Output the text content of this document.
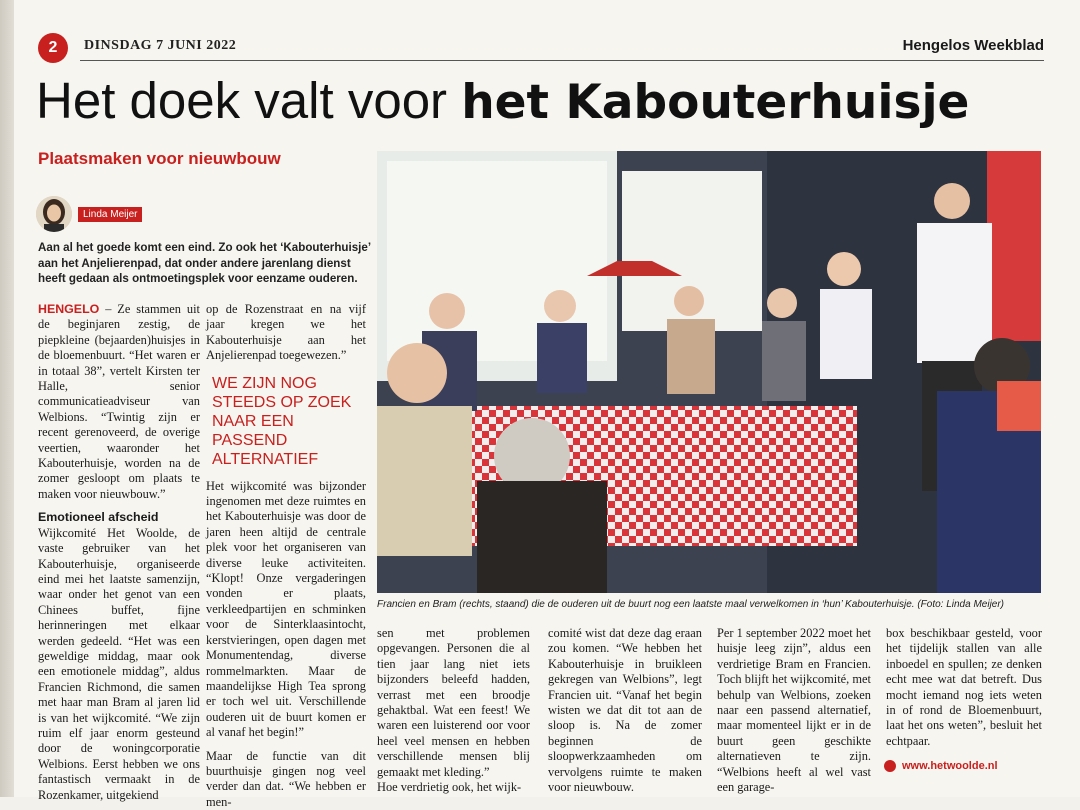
2	DINSDAG 7 JUNI 2022	Hengelos Weekblad
Het doek valt voor het Kabouterhuisje
Plaatsmaken voor nieuwbouw
Linda Meijer
Aan al het goede komt een eind. Zo ook het ‘Kabouterhuisje’ aan het Anjelierenpad, dat onder andere jarenlang dienst heeft gedaan als ontmoetingsplek voor eenzame ouderen.

HENGELO – Ze stammen uit de beginjaren zestig, de piepkleine (bejaarden)huisjes in de bloemenbuurt. “Het waren er in totaal 38”, vertelt Kirsten ter Halle, senior communicatieadviseur van Welbions. “Twintig zijn er recent gerenoveerd, de overige veertien, waaronder het Kabouterhuisje, worden na de zomer gesloopt om plaats te maken voor nieuwbouw.”

Emotioneel afscheid

Wijkcomité Het Woolde, de vaste gebruiker van het Kabouterhuisje, organiseerde eind mei het laatste samenzijn, waar onder het genot van een Chinees buffet, fijne herinneringen met elkaar werden gedeeld. “Het was een geweldige middag, maar ook een emotionele middag”, aldus Francien Richmond, die samen met haar man Bram al jaren lid is van het wijkcomité. “We zijn ruim elf jaar enorm gesteund door de woningcorporatie Welbions. Eerst hebben we ons fantastisch vermaakt in de Rozenkamer, uitgekiend

op de Rozenstraat en na vijf jaar kregen we het Kabouterhuisje aan het Anjelierenpad toegewezen.”

WE ZIJN NOG STEEDS OP ZOEK NAAR EEN PASSEND ALTERNATIEF

Het wijkcomité was bijzonder ingenomen met deze ruimtes en het Kabouterhuisje was door de jaren heen altijd de centrale plek voor het organiseren van diverse leuke activiteiten. “Klopt! Onze vergaderingen vonden er plaats, verkleedpartijen en schminken voor de Sinterklaasintocht, kerstvieringen, open dagen met Monumentendag, diverse rommelmarkten. Maar de maandelijkse High Tea sprong er toch wel uit. Verschillende ouderen uit de buurt komen er al vanaf het begin!”

Maar de functie van dit buurthuisje gingen nog veel verder dan dat. “We hebben er men-

Francien en Bram (rechts, staand) die de ouderen uit de buurt nog een laatste maal verwelkomen in ‘hun’ Kabouterhuisje. (Foto: Linda Meijer)

sen met problemen opgevangen. Personen die al tien jaar lang niet iets bijzonders beleefd hadden, verrast met een broodje gehaktbal. Wat een feest! We waren een luisterend oor voor heel veel mensen en hebben verschillende mensen blij gemaakt met kleding.”

Hoe verdrietig ook, het wijk-

comité wist dat deze dag eraan zou komen. “We hebben het Kabouterhuisje in bruikleen gekregen van Welbions”, legt Francien uit. “Vanaf het begin wisten we dat dit tot aan de sloop is. Na de zomer beginnen de sloopwerkzaamheden om vervolgens ruimte te maken voor nieuwbouw.

Per 1 september 2022 moet het huisje leeg zijn”, aldus een verdrietige Bram en Francien. Toch blijft het wijkcomité, met behulp van Welbions, zoeken naar een passend alternatief, maar momenteel lijkt er in de buurt geen geschikte alternatieven te zijn. “Welbions heeft al wel vast een garage-

box beschikbaar gesteld, voor het tijdelijk stallen van alle inboedel en spullen; ze denken echt mee wat dat betreft. Dus mocht iemand nog iets weten in of rond de Bloemenbuurt, laat het ons weten”, besluit het echtpaar.

www.hetwoolde.nl
